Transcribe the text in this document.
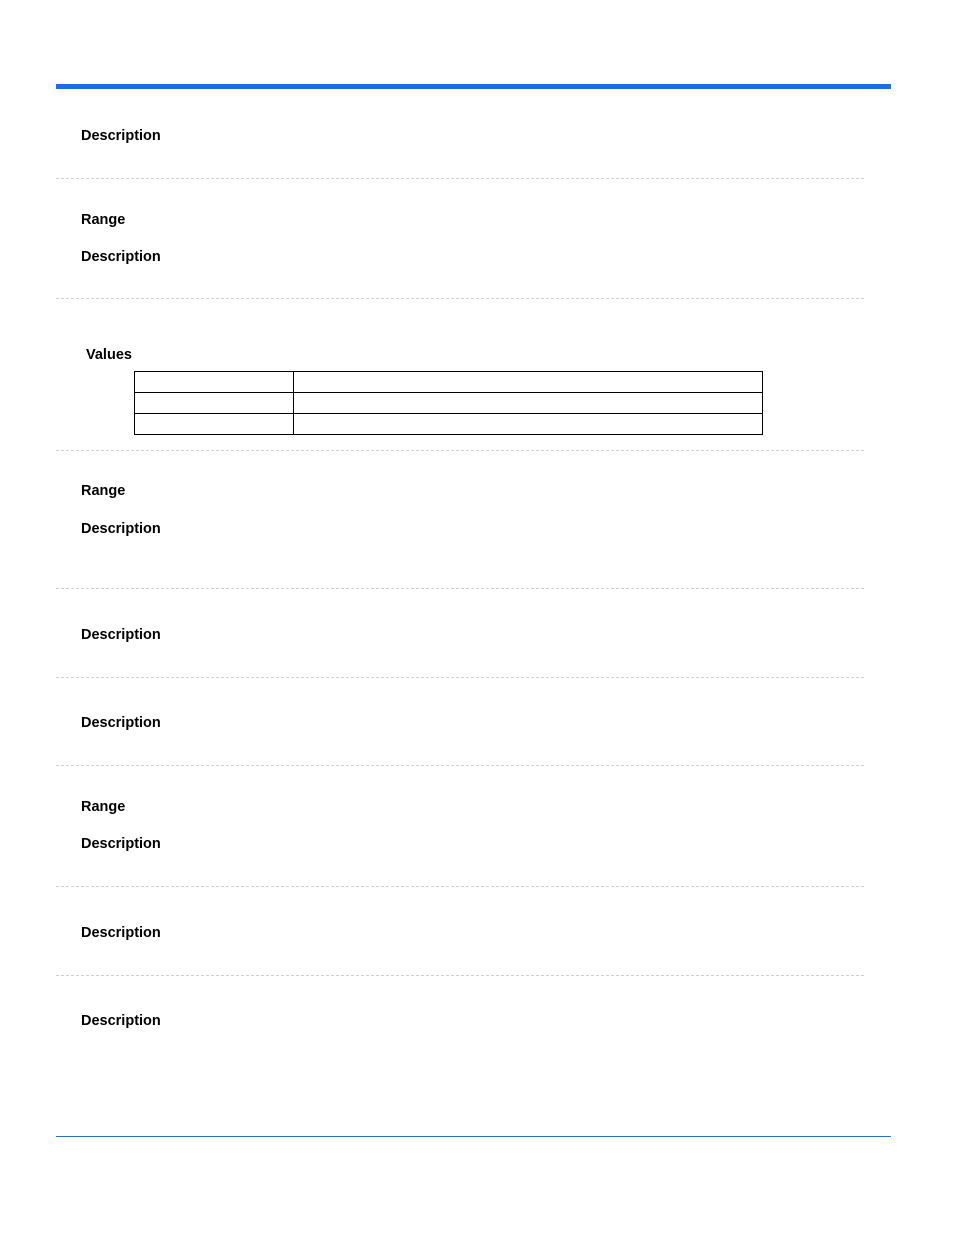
Description
Range
Description
Values

Range
Description
Description
Description
Range
Description
Description
Description
